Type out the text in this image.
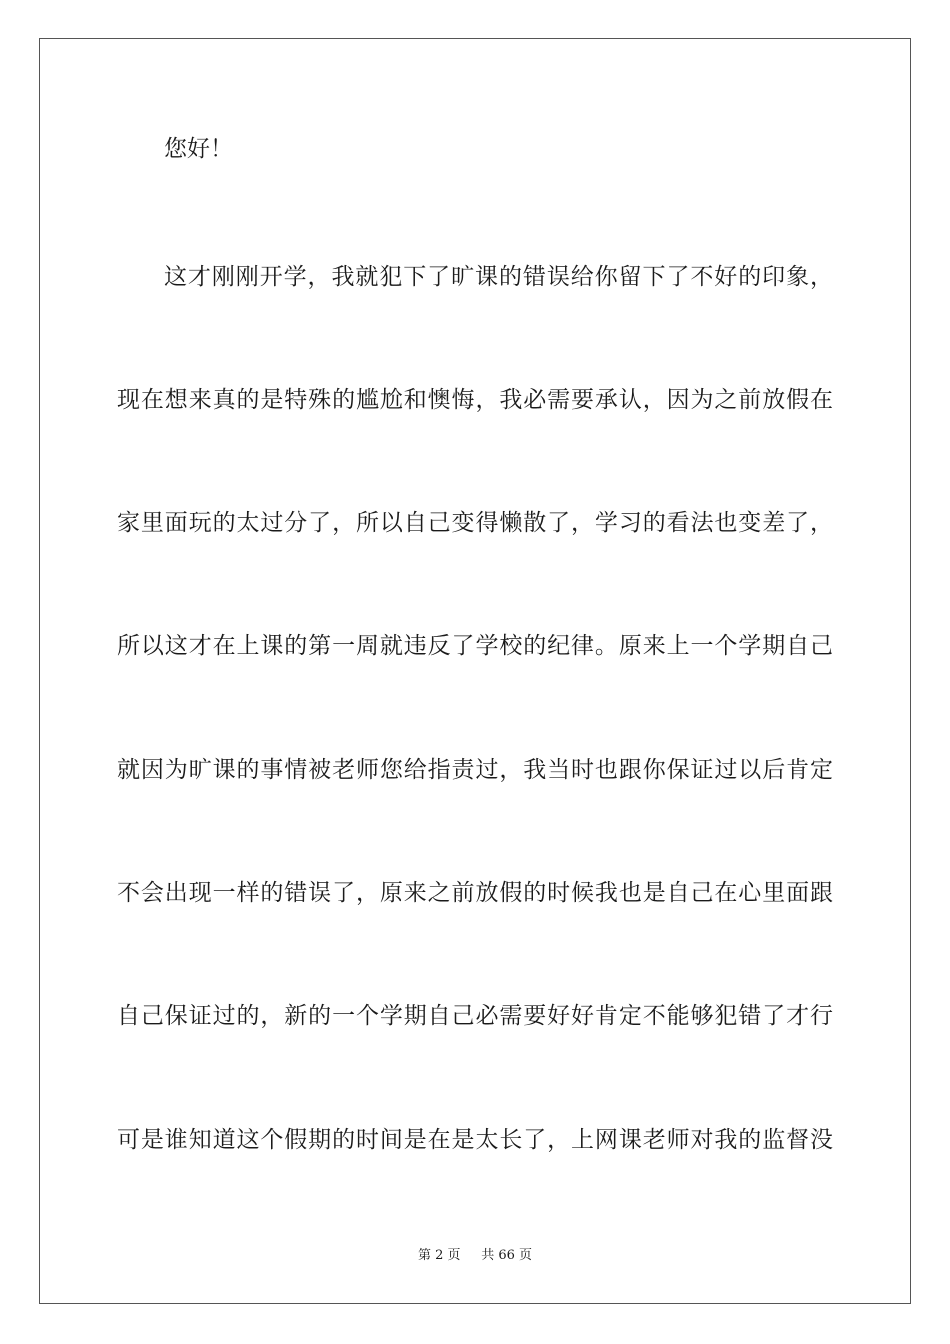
您好！
这才刚刚开学，我就犯下了旷课的错误给你留下了不好的印象，
现在想来真的是特殊的尴尬和懊悔，我必需要承认，因为之前放假在
家里面玩的太过分了，所以自己变得懒散了，学习的看法也变差了，
所以这才在上课的第一周就违反了学校的纪律。原来上一个学期自己
就因为旷课的事情被老师您给指责过，我当时也跟你保证过以后肯定
不会出现一样的错误了，原来之前放假的时候我也是自己在心里面跟
自己保证过的，新的一个学期自己必需要好好肯定不能够犯错了才行
可是谁知道这个假期的时间是在是太长了，上网课老师对我的监督没
第 2 页 共 66 页
